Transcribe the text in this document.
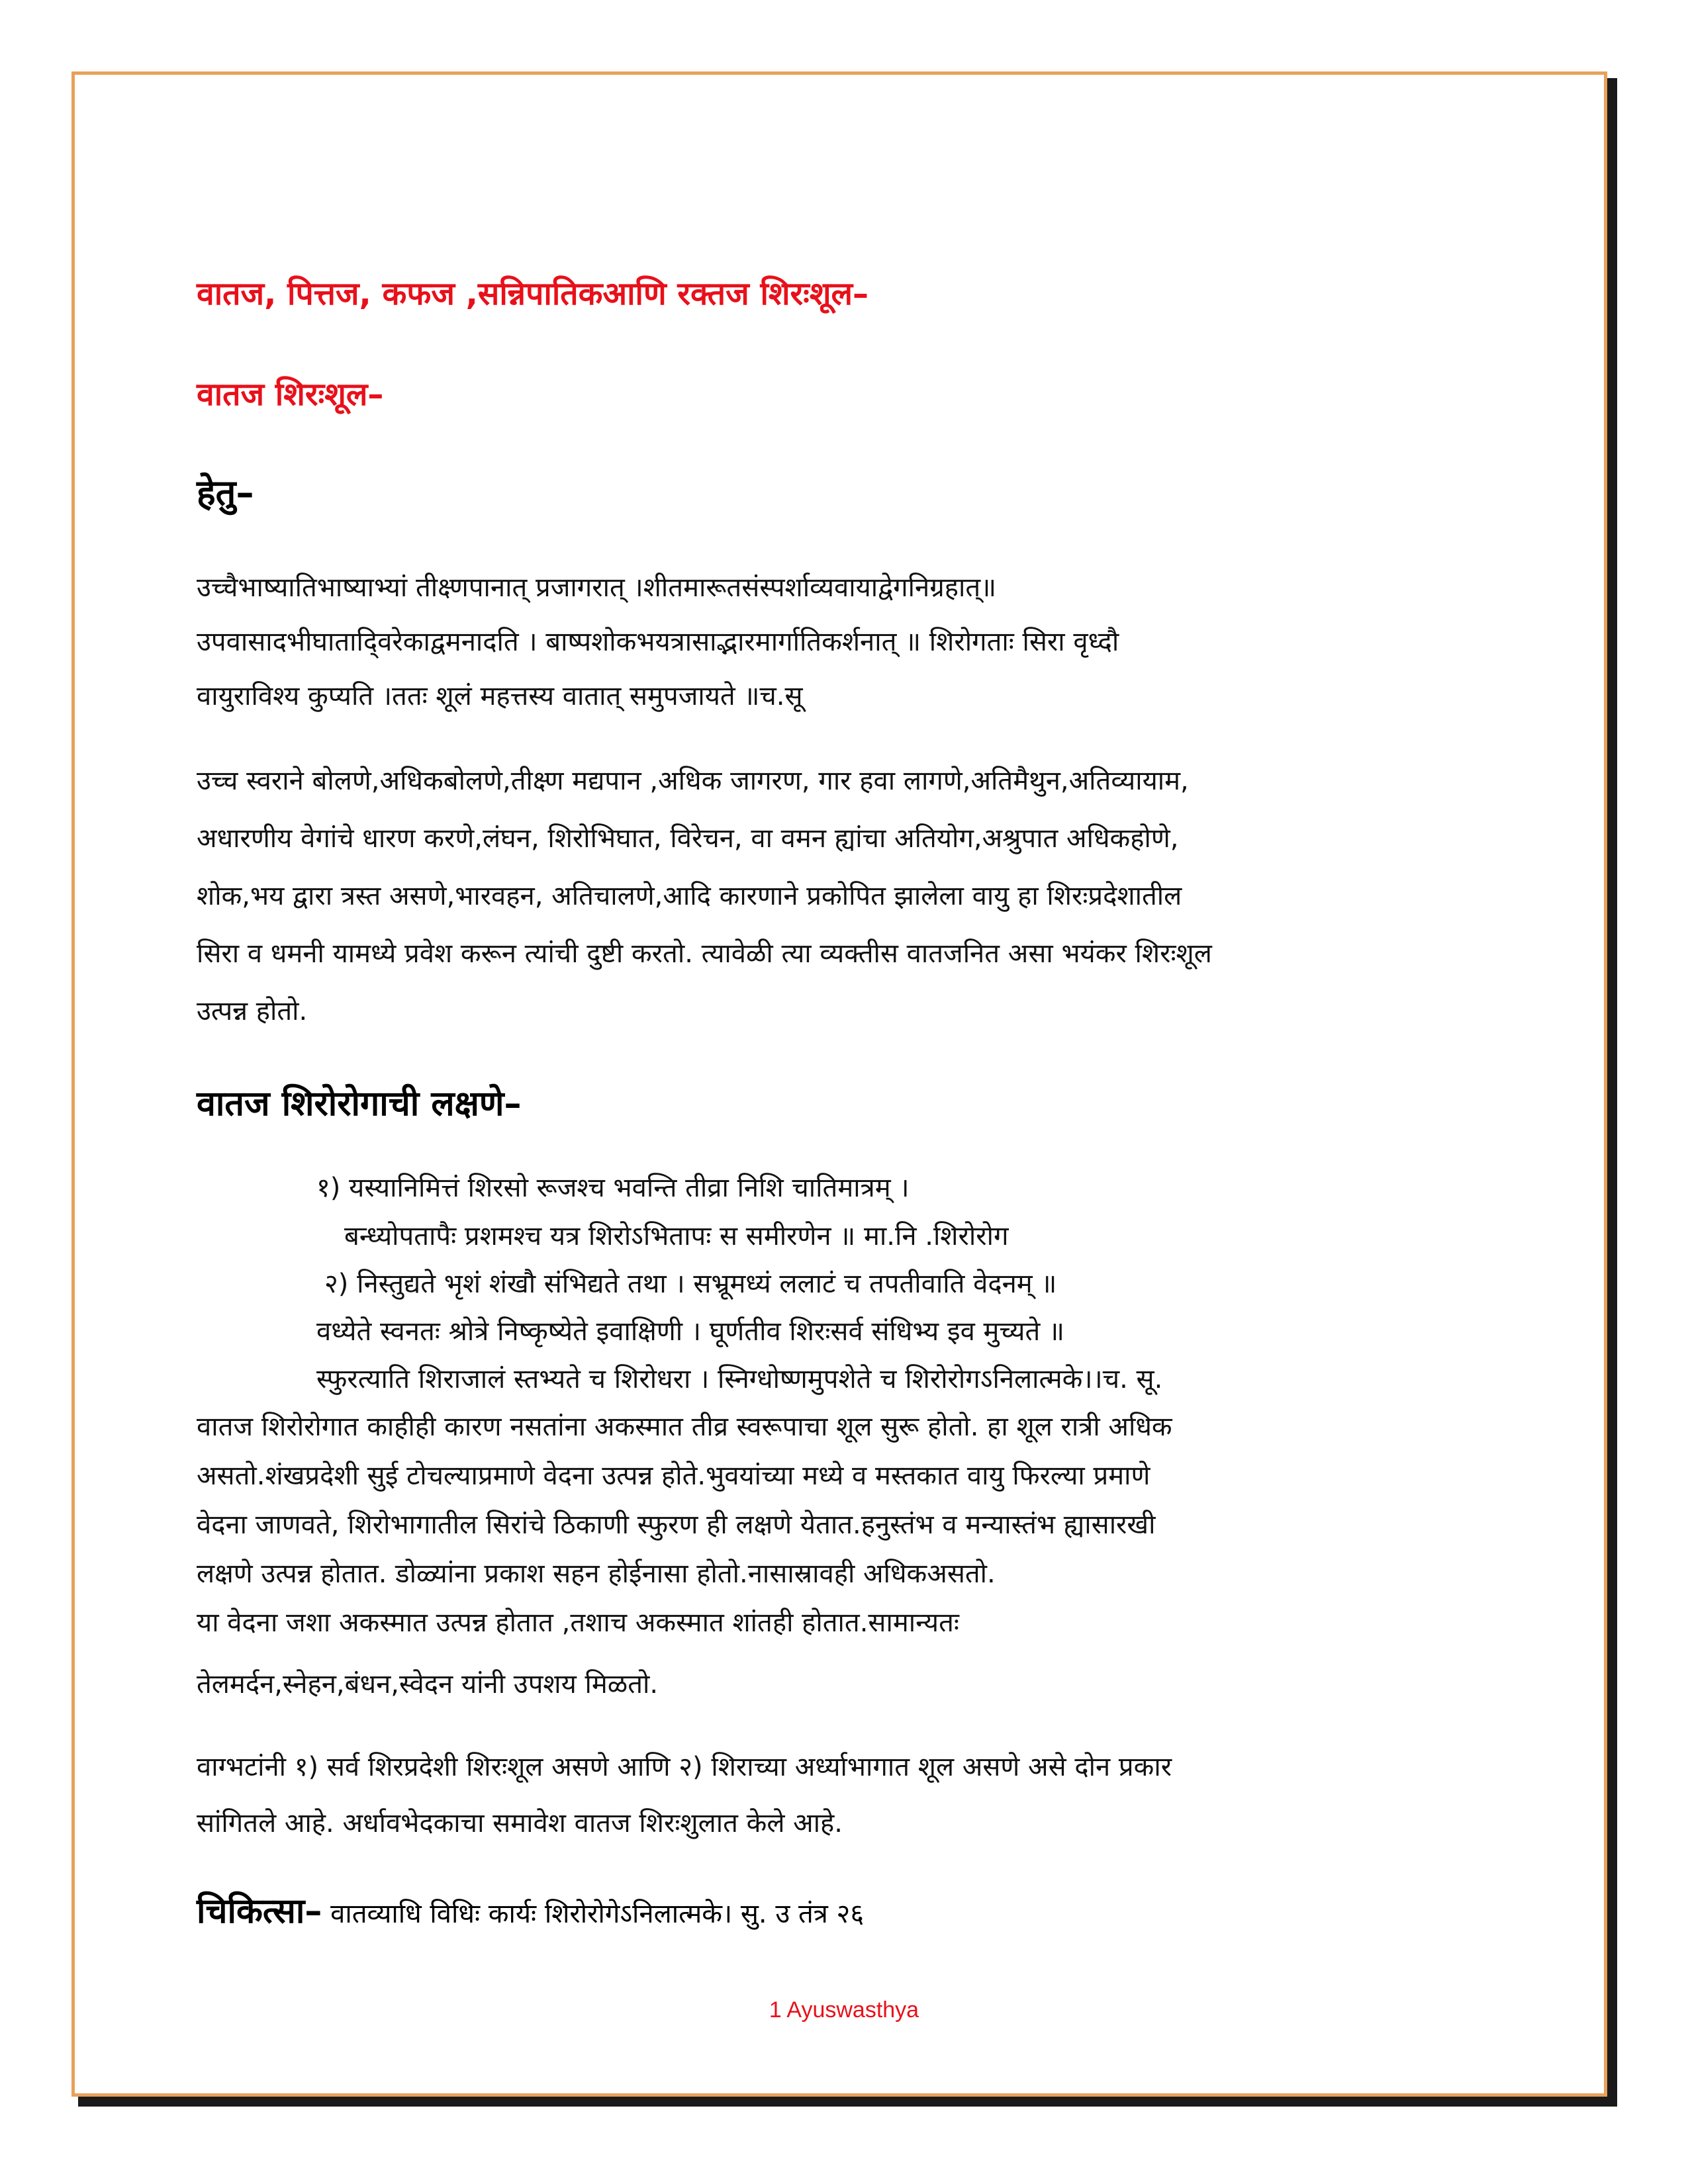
वातज, पित्तज, कफज ,सन्निपातिकआणि रक्तज शिरःशूल–
वातज शिरःशूल–
हेतु–
उच्चैभाष्यातिभाष्याभ्यां तीक्ष्णपानात् प्रजागरात् ।शीतमारूतसंस्पर्शाव्यवायाद्वेगनिग्रहात्॥
उपवासादभीघातादि्वरेकाद्वमनादति । बाष्पशोकभयत्रासाद्भारमार्गातिकर्शनात् ॥ शिरोगताः सिरा वृध्दौ
वायुराविश्य कुप्यति ।ततः शूलं महत्तस्य वातात् समुपजायते ॥च.सू
उच्च स्वराने बोलणे,अधिकबोलणे,तीक्ष्ण मद्यपान ,अधिक जागरण, गार हवा लागणे,अतिमैथुन,अतिव्यायाम,
अधारणीय वेगांचे धारण करणे,लंघन, शिरोभिघात, विरेचन, वा वमन ह्यांचा अतियोग,अश्रुपात अधिकहोणे,
शोक,भय द्वारा त्रस्त असणे,भारवहन, अतिचालणे,आदि कारणाने प्रकोपित झालेला वायु हा शिरःप्रदेशातील
सिरा व धमनी यामध्ये प्रवेश करून त्यांची दुष्टी करतो. त्यावेळी त्या व्यक्तीस वातजनित असा भयंकर शिरःशूल
उत्पन्न होतो.
वातज शिरोरोगाची लक्षणे–
१) यस्यानिमित्तं शिरसो रूजश्च भवन्ति तीव्रा निशि चातिमात्रम् ।
बन्ध्योपतापैः प्रशमश्च यत्र शिरोऽभितापः स समीरणेन ॥ मा.नि .शिरोरोग
२) निस्तुद्यते भृशं शंखौ संभिद्यते तथा । सभ्रूमध्यं ललाटं च तपतीवाति वेदनम् ॥
वध्येते स्वनतः श्रोत्रे निष्कृष्येते इवाक्षिणी । घूर्णतीव शिरःसर्व संधिभ्य इव मुच्यते ॥
स्फुरत्याति शिराजालं स्तभ्यते च शिरोधरा । स्निग्धोष्णमुपशेते च शिरोरोगऽनिलात्मके।।च. सू.
वातज शिरोरोगात काहीही कारण नसतांना अकस्मात तीव्र स्वरूपाचा शूल सुरू होतो. हा शूल रात्री अधिक
असतो.शंखप्रदेशी सुई टोचल्याप्रमाणे वेदना उत्पन्न होते.भुवयांच्या मध्ये व मस्तकात वायु फिरल्या प्रमाणे
वेदना जाणवते, शिरोभागातील सिरांचे ठिकाणी स्फुरण ही लक्षणे येतात.हनुस्तंभ व मन्यास्तंभ ह्यासारखी
लक्षणे उत्पन्न होतात. डोळ्यांना प्रकाश सहन होईनासा होतो.नासास्रावही अधिकअसतो.
या वेदना जशा अकस्मात उत्पन्न होतात ,तशाच अकस्मात शांतही होतात.सामान्यतः
तेलमर्दन,स्नेहन,बंधन,स्वेदन यांनी उपशय मिळतो.
वाग्भटांनी १) सर्व शिरप्रदेशी शिरःशूल असणे आणि २) शिराच्या अर्ध्याभागात शूल असणे असे दोन प्रकार
सांगितले आहे. अर्धावभेदकाचा समावेश वातज शिरःशुलात केले आहे.
चिकित्सा– वातव्याधि विधिः कार्यः शिरोरोगेऽनिलात्मके। सु. उ तंत्र २६
1 Ayuswasthya
